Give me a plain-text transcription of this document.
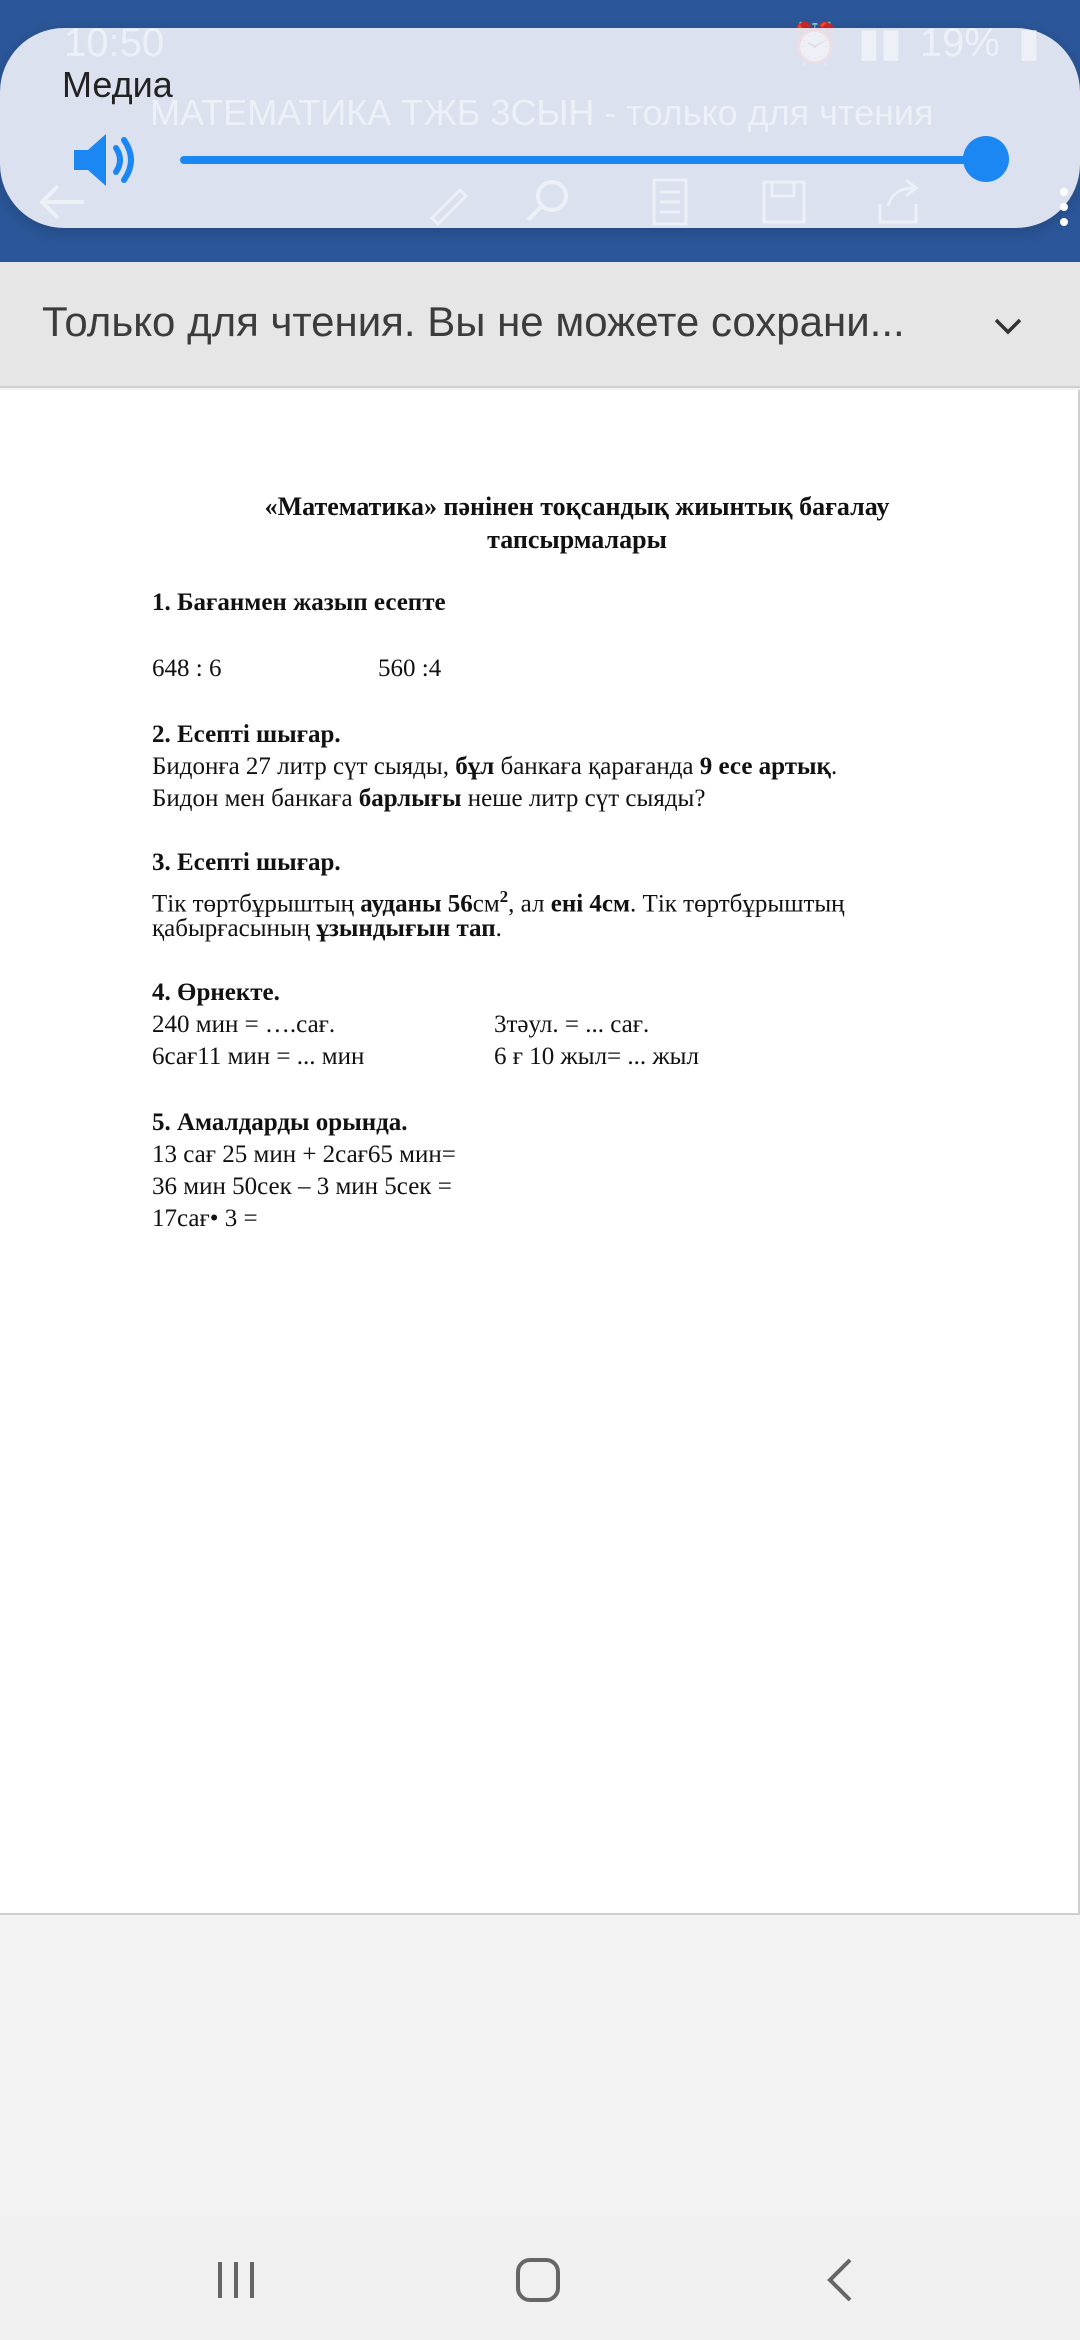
Медиа
Только для чтения. Вы не можете сохрани...
«Математика» пәнінен тоқсандық жиынтық бағалау
тапсырмалары
1. Бағанмен жазып есепте
648 : 6	560 :4
2. Есепті шығар.
Бидонға 27 литр сүт сыяды, бұл банкаға қарағанда 9 есе артық.
Бидон мен банкаға барлығы неше литр сүт сыяды?
3. Есепті шығар.
Тік төртбұрыштың ауданы $56см^2$, ал ені 4см. Тік төртбұрыштың
қабырғасының ұзындығын тап.
4. Өрнекте.
240 мин = ….сағ.	3тәул. = ... сағ.
6сағ11 мин = ... мин	6 ғ 10 жыл= ... жыл
5. Амалдарды орында.
13 сағ 25 мин + 2сағ65 мин=
36 мин 50сек – 3 мин 5сек =
17сағ• 3 =
